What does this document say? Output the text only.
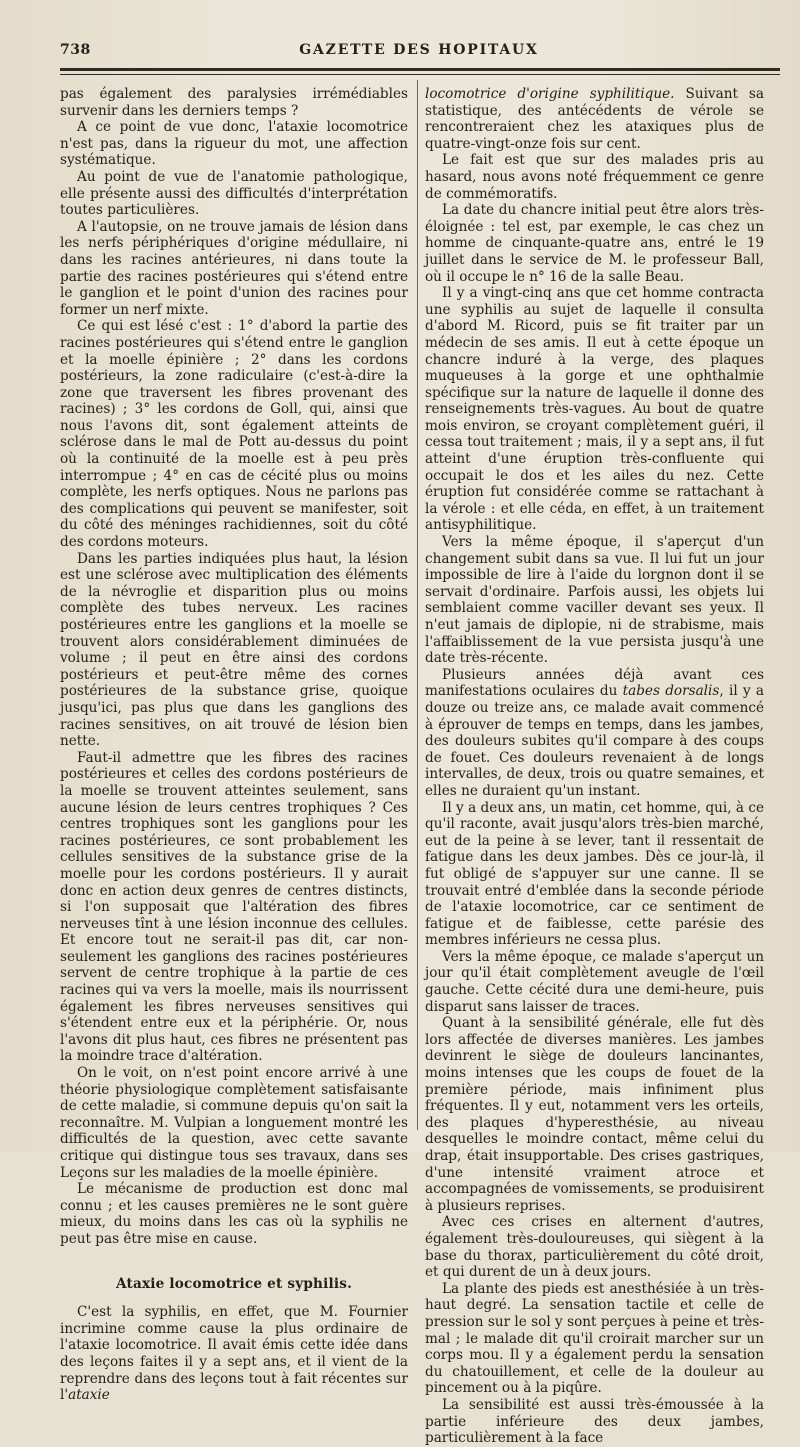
738	GAZETTE DES HOPITAUX

pas également des paralysies irrémédiables survenir dans les derniers temps ?

A ce point de vue donc, l'ataxie locomotrice n'est pas, dans la rigueur du mot, une affection systématique.

Au point de vue de l'anatomie pathologique, elle présente aussi des difficultés d'interprétation toutes particulières.

A l'autopsie, on ne trouve jamais de lésion dans les nerfs périphériques d'origine médullaire, ni dans les racines antérieures, ni dans toute la partie des racines postérieures qui s'étend entre le ganglion et le point d'union des racines pour former un nerf mixte.

Ce qui est lésé c'est : 1° d'abord la partie des racines postérieures qui s'étend entre le ganglion et la moelle épinière ; 2° dans les cordons postérieurs, la zone radiculaire (c'est-à-dire la zone que traversent les fibres provenant des racines) ; 3° les cordons de Goll, qui, ainsi que nous l'avons dit, sont également atteints de sclérose dans le mal de Pott au-dessus du point où la continuité de la moelle est à peu près interrompue ; 4° en cas de cécité plus ou moins complète, les nerfs optiques. Nous ne parlons pas des complications qui peuvent se manifester, soit du côté des méninges rachidiennes, soit du côté des cordons moteurs.

Dans les parties indiquées plus haut, la lésion est une sclérose avec multiplication des éléments de la névroglie et disparition plus ou moins complète des tubes nerveux. Les racines postérieures entre les ganglions et la moelle se trouvent alors considérablement diminuées de volume ; il peut en être ainsi des cordons postérieurs et peut-être même des cornes postérieures de la substance grise, quoique jusqu'ici, pas plus que dans les ganglions des racines sensitives, on ait trouvé de lésion bien nette.

Faut-il admettre que les fibres des racines postérieures et celles des cordons postérieurs de la moelle se trouvent atteintes seulement, sans aucune lésion de leurs centres trophiques ? Ces centres trophiques sont les ganglions pour les racines postérieures, ce sont probablement les cellules sensitives de la substance grise de la moelle pour les cordons postérieurs. Il y aurait donc en action deux genres de centres distincts, si l'on supposait que l'altération des fibres nerveuses tînt à une lésion inconnue des cellules. Et encore tout ne serait-il pas dit, car non-seulement les ganglions des racines postérieures servent de centre trophique à la partie de ces racines qui va vers la moelle, mais ils nourrissent également les fibres nerveuses sensitives qui s'étendent entre eux et la périphérie. Or, nous l'avons dit plus haut, ces fibres ne présentent pas la moindre trace d'altération.

On le voit, on n'est point encore arrivé à une théorie physiologique complètement satisfaisante de cette maladie, si commune depuis qu'on sait la reconnaître. M. Vulpian a longuement montré les difficultés de la question, avec cette savante critique qui distingue tous ses travaux, dans ses Leçons sur les maladies de la moelle épinière.

Le mécanisme de production est donc mal connu ; et les causes premières ne le sont guère mieux, du moins dans les cas où la syphilis ne peut pas être mise en cause.

Ataxie locomotrice et syphilis.

C'est la syphilis, en effet, que M. Fournier incrimine comme cause la plus ordinaire de l'ataxie locomotrice. Il avait émis cette idée dans des leçons faites il y a sept ans, et il vient de la reprendre dans des leçons tout à fait récentes sur l'ataxie

locomotrice d'origine syphilitique. Suivant sa statistique, des antécédents de vérole se rencontreraient chez les ataxiques plus de quatre-vingt-onze fois sur cent.

Le fait est que sur des malades pris au hasard, nous avons noté fréquemment ce genre de commémoratifs.

La date du chancre initial peut être alors très-éloignée : tel est, par exemple, le cas chez un homme de cinquante-quatre ans, entré le 19 juillet dans le service de M. le professeur Ball, où il occupe le n° 16 de la salle Beau.

Il y a vingt-cinq ans que cet homme contracta une syphilis au sujet de laquelle il consulta d'abord M. Ricord, puis se fit traiter par un médecin de ses amis. Il eut à cette époque un chancre induré à la verge, des plaques muqueuses à la gorge et une ophthalmie spécifique sur la nature de laquelle il donne des renseignements très-vagues. Au bout de quatre mois environ, se croyant complètement guéri, il cessa tout traitement ; mais, il y a sept ans, il fut atteint d'une éruption très-confluente qui occupait le dos et les ailes du nez. Cette éruption fut considérée comme se rattachant à la vérole : et elle céda, en effet, à un traitement antisyphilitique.

Vers la même époque, il s'aperçut d'un changement subit dans sa vue. Il lui fut un jour impossible de lire à l'aide du lorgnon dont il se servait d'ordinaire. Parfois aussi, les objets lui semblaient comme vaciller devant ses yeux. Il n'eut jamais de diplopie, ni de strabisme, mais l'affaiblissement de la vue persista jusqu'à une date très-récente.

Plusieurs années déjà avant ces manifestations oculaires du tabes dorsalis, il y a douze ou treize ans, ce malade avait commencé à éprouver de temps en temps, dans les jambes, des douleurs subites qu'il compare à des coups de fouet. Ces douleurs revenaient à de longs intervalles, de deux, trois ou quatre semaines, et elles ne duraient qu'un instant.

Il y a deux ans, un matin, cet homme, qui, à ce qu'il raconte, avait jusqu'alors très-bien marché, eut de la peine à se lever, tant il ressentait de fatigue dans les deux jambes. Dès ce jour-là, il fut obligé de s'appuyer sur une canne. Il se trouvait entré d'emblée dans la seconde période de l'ataxie locomotrice, car ce sentiment de fatigue et de faiblesse, cette parésie des membres inférieurs ne cessa plus.

Vers la même époque, ce malade s'aperçut un jour qu'il était complètement aveugle de l'œil gauche. Cette cécité dura une demi-heure, puis disparut sans laisser de traces.

Quant à la sensibilité générale, elle fut dès lors affectée de diverses manières. Les jambes devinrent le siège de douleurs lancinantes, moins intenses que les coups de fouet de la première période, mais infiniment plus fréquentes. Il y eut, notamment vers les orteils, des plaques d'hyperesthésie, au niveau desquelles le moindre contact, même celui du drap, était insupportable. Des crises gastriques, d'une intensité vraiment atroce et accompagnées de vomissements, se produisirent à plusieurs reprises.

Avec ces crises en alternent d'autres, également très-douloureuses, qui siègent à la base du thorax, particulièrement du côté droit, et qui durent de un à deux jours.

La plante des pieds est anesthésiée à un très-haut degré. La sensation tactile et celle de pression sur le sol y sont perçues à peine et très-mal ; le malade dit qu'il croirait marcher sur un corps mou. Il y a également perdu la sensation du chatouillement, et celle de la douleur au pincement ou à la piqûre.

La sensibilité est aussi très-émoussée à la partie inférieure des deux jambes, particulièrement à la face
